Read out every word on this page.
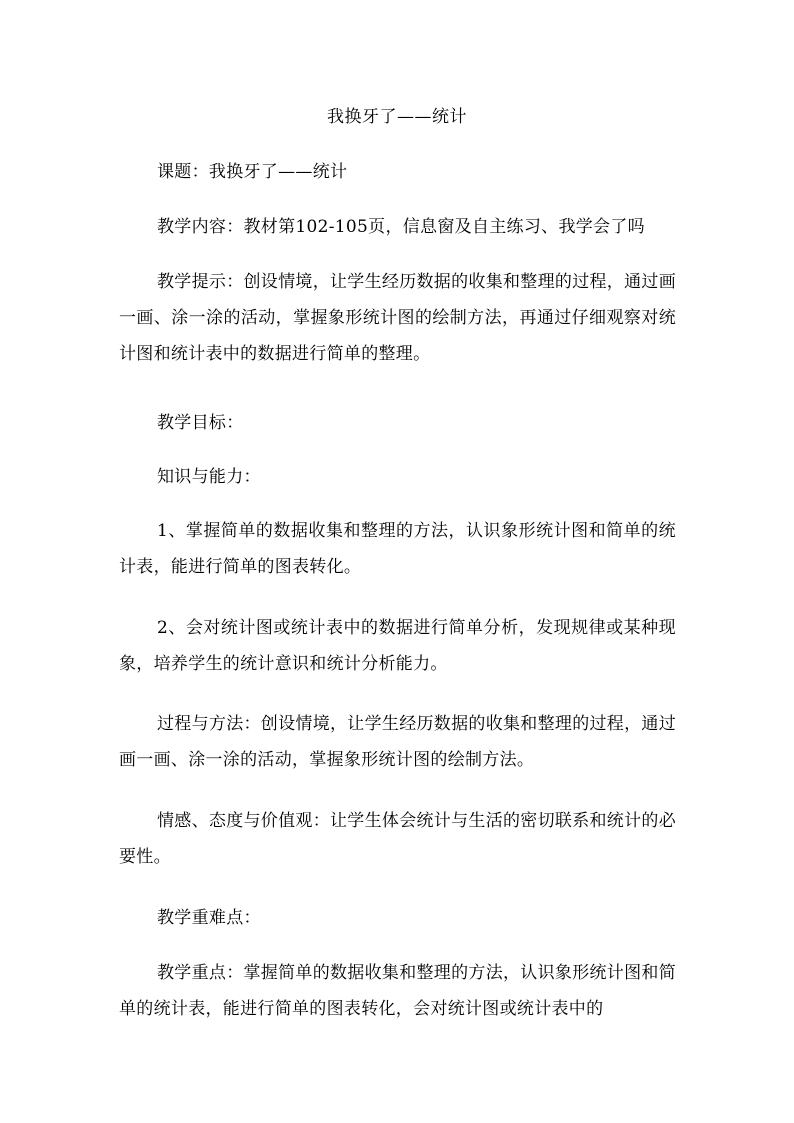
我换牙了——统计

课题：我换牙了——统计

教学内容：教材第102-105页，信息窗及自主练习、我学会了吗

教学提示：创设情境，让学生经历数据的收集和整理的过程，通过画一画、涂一涂的活动，掌握象形统计图的绘制方法，再通过仔细观察对统计图和统计表中的数据进行简单的整理。

教学目标：

知识与能力：

1、掌握简单的数据收集和整理的方法，认识象形统计图和简单的统计表，能进行简单的图表转化。

2、会对统计图或统计表中的数据进行简单分析，发现规律或某种现象，培养学生的统计意识和统计分析能力。

过程与方法：创设情境，让学生经历数据的收集和整理的过程，通过画一画、涂一涂的活动，掌握象形统计图的绘制方法。

情感、态度与价值观：让学生体会统计与生活的密切联系和统计的必要性。

教学重难点：

教学重点：掌握简单的数据收集和整理的方法，认识象形统计图和简单的统计表，能进行简单的图表转化，会对统计图或统计表中的
